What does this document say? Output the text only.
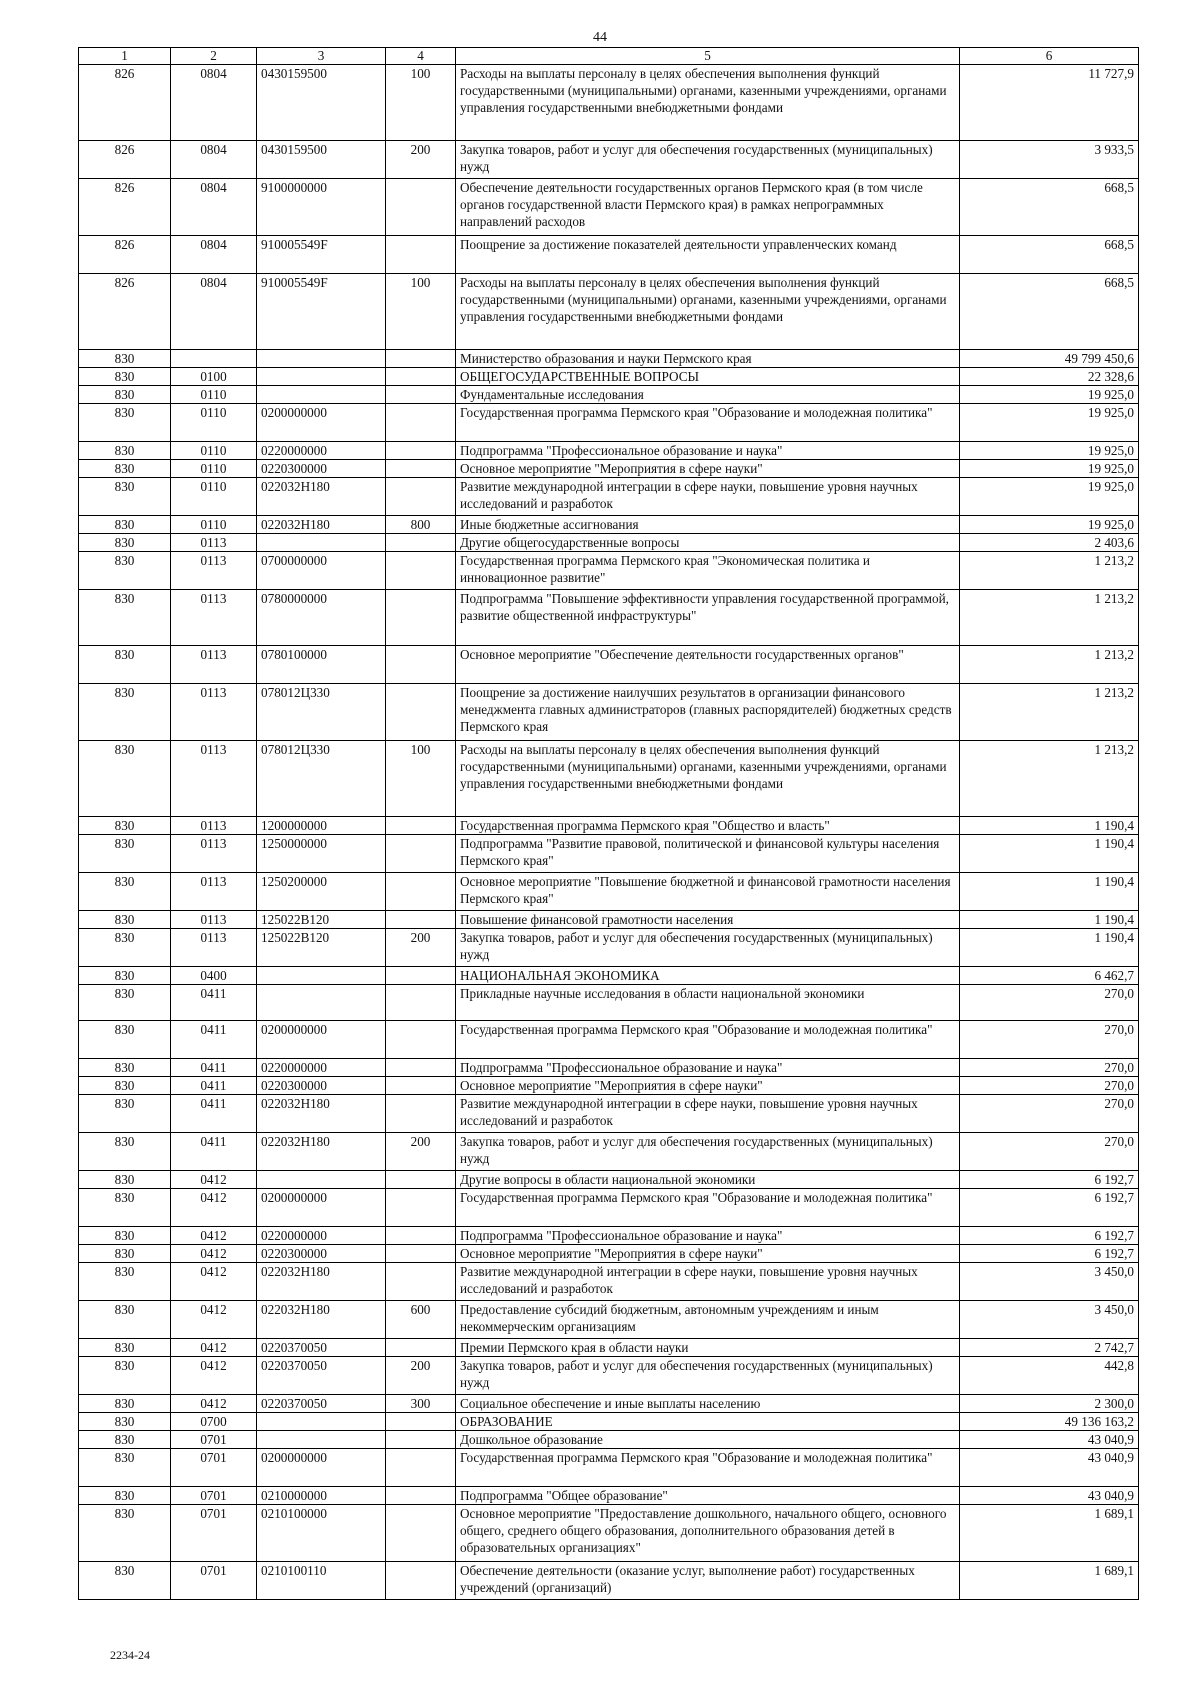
44
1	2	3	4	5	6
826	0804	0430159500	100	Расходы на выплаты персоналу в целях обеспечения выполнения функций государственными (муниципальными) органами, казенными учреждениями, органами управления государственными внебюджетными фондами	11 727,9
826	0804	0430159500	200	Закупка товаров, работ и услуг для обеспечения государственных (муниципальных) нужд	3 933,5
826	0804	9100000000		Обеспечение деятельности государственных органов Пермского края (в том числе органов государственной власти Пермского края) в рамках непрограммных направлений расходов	668,5
826	0804	910005549F		Поощрение за достижение показателей деятельности управленческих команд	668,5
826	0804	910005549F	100	Расходы на выплаты персоналу в целях обеспечения выполнения функций государственными (муниципальными) органами, казенными учреждениями, органами управления государственными внебюджетными фондами	668,5
830				Министерство образования и науки Пермского края	49 799 450,6
830	0100			ОБЩЕГОСУДАРСТВЕННЫЕ ВОПРОСЫ	22 328,6
830	0110			Фундаментальные исследования	19 925,0
830	0110	0200000000		Государственная программа Пермского края "Образование и молодежная политика"	19 925,0
830	0110	0220000000		Подпрограмма "Профессиональное образование и наука"	19 925,0
830	0110	0220300000		Основное мероприятие "Мероприятия в сфере науки"	19 925,0
830	0110	022032H180		Развитие международной интеграции в сфере науки, повышение уровня научных исследований и разработок	19 925,0
830	0110	022032H180	800	Иные бюджетные ассигнования	19 925,0
830	0113			Другие общегосударственные вопросы	2 403,6
830	0113	0700000000		Государственная программа Пермского края "Экономическая политика и инновационное развитие"	1 213,2
830	0113	0780000000		Подпрограмма "Повышение эффективности управления государственной программой, развитие общественной инфраструктуры"	1 213,2
830	0113	0780100000		Основное мероприятие "Обеспечение деятельности государственных органов"	1 213,2
830	0113	078012Ц330		Поощрение за достижение наилучших результатов в организации финансового менеджмента главных администраторов (главных распорядителей) бюджетных средств Пермского края	1 213,2
830	0113	078012Ц330	100	Расходы на выплаты персоналу в целях обеспечения выполнения функций государственными (муниципальными) органами, казенными учреждениями, органами управления государственными внебюджетными фондами	1 213,2
830	0113	1200000000		Государственная программа Пермского края "Общество и власть"	1 190,4
830	0113	1250000000		Подпрограмма "Развитие правовой, политической и финансовой культуры населения Пермского края"	1 190,4
830	0113	1250200000		Основное мероприятие "Повышение бюджетной и финансовой грамотности населения Пермского края"	1 190,4
830	0113	125022В120		Повышение финансовой грамотности населения	1 190,4
830	0113	125022В120	200	Закупка товаров, работ и услуг для обеспечения государственных (муниципальных) нужд	1 190,4
830	0400			НАЦИОНАЛЬНАЯ ЭКОНОМИКА	6 462,7
830	0411			Прикладные научные исследования в области национальной экономики	270,0
830	0411	0200000000		Государственная программа Пермского края "Образование и молодежная политика"	270,0
830	0411	0220000000		Подпрограмма "Профессиональное образование и наука"	270,0
830	0411	0220300000		Основное мероприятие "Мероприятия в сфере науки"	270,0
830	0411	022032H180		Развитие международной интеграции в сфере науки, повышение уровня научных исследований и разработок	270,0
830	0411	022032H180	200	Закупка товаров, работ и услуг для обеспечения государственных (муниципальных) нужд	270,0
830	0412			Другие вопросы в области национальной экономики	6 192,7
830	0412	0200000000		Государственная программа Пермского края "Образование и молодежная политика"	6 192,7
830	0412	0220000000		Подпрограмма "Профессиональное образование и наука"	6 192,7
830	0412	0220300000		Основное мероприятие "Мероприятия в сфере науки"	6 192,7
830	0412	022032H180		Развитие международной интеграции в сфере науки, повышение уровня научных исследований и разработок	3 450,0
830	0412	022032H180	600	Предоставление субсидий бюджетным, автономным учреждениям и иным некоммерческим организациям	3 450,0
830	0412	0220370050		Премии Пермского края в области науки	2 742,7
830	0412	0220370050	200	Закупка товаров, работ и услуг для обеспечения государственных (муниципальных) нужд	442,8
830	0412	0220370050	300	Социальное обеспечение и иные выплаты населению	2 300,0
830	0700			ОБРАЗОВАНИЕ	49 136 163,2
830	0701			Дошкольное образование	43 040,9
830	0701	0200000000		Государственная программа Пермского края "Образование и молодежная политика"	43 040,9
830	0701	0210000000		Подпрограмма "Общее образование"	43 040,9
830	0701	0210100000		Основное мероприятие "Предоставление дошкольного, начального общего, основного общего, среднего общего образования, дополнительного образования детей в образовательных организациях"	1 689,1
830	0701	0210100110		Обеспечение деятельности (оказание услуг, выполнение работ) государственных учреждений (организаций)	1 689,1
2234-24
